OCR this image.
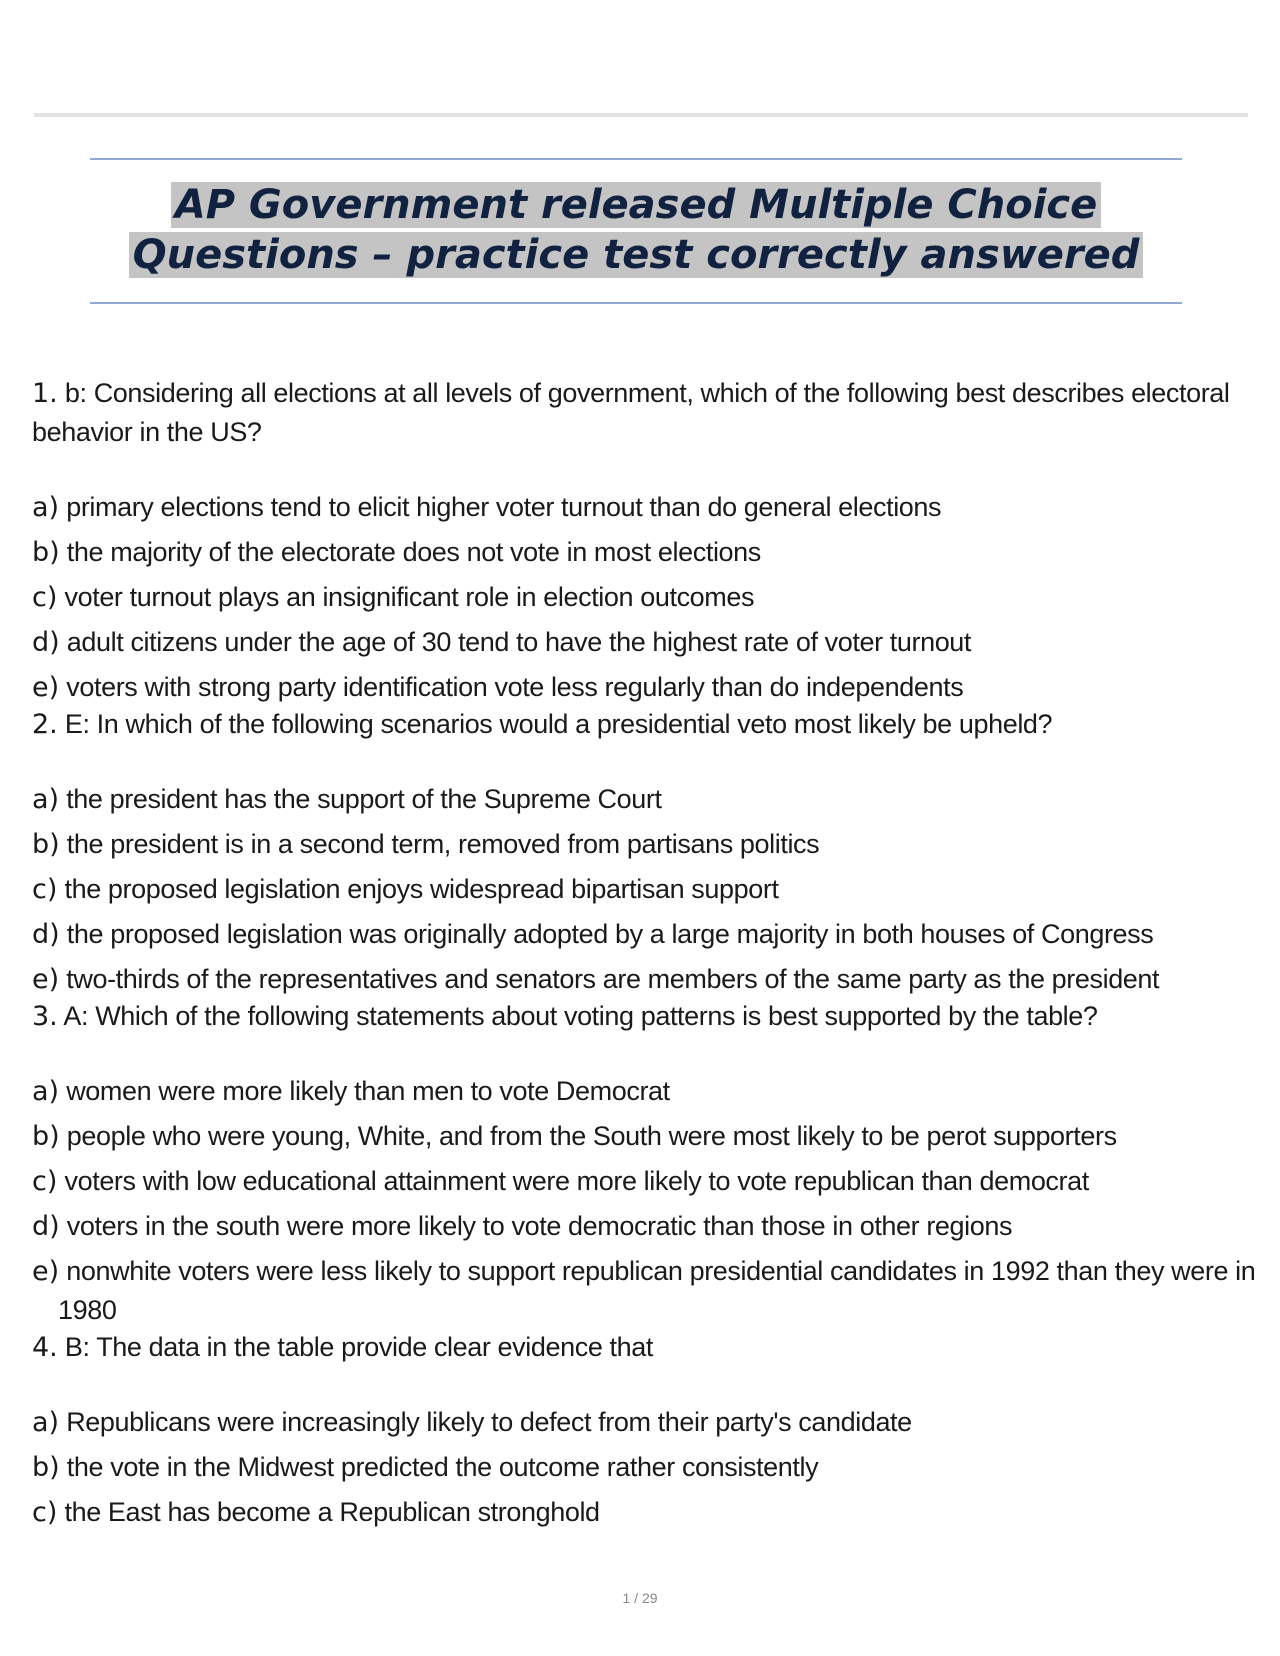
AP Government released Multiple Choice
Questions – practice test correctly answered

1. b: Considering all elections at all levels of government, which of the following best describes electoral behavior in the US?

a) primary elections tend to elicit higher voter turnout than do general elections
b) the majority of the electorate does not vote in most elections
c) voter turnout plays an insignificant role in election outcomes
d) adult citizens under the age of 30 tend to have the highest rate of voter turnout
e) voters with strong party identification vote less regularly than do independents

2. E: In which of the following scenarios would a presidential veto most likely be upheld?

a) the president has the support of the Supreme Court
b) the president is in a second term, removed from partisans politics
c) the proposed legislation enjoys widespread bipartisan support
d) the proposed legislation was originally adopted by a large majority in both houses of Congress
e) two-thirds of the representatives and senators are members of the same party as the president

3. A: Which of the following statements about voting patterns is best supported by the table?

a) women were more likely than men to vote Democrat
b) people who were young, White, and from the South were most likely to be perot supporters
c) voters with low educational attainment were more likely to vote republican than democrat
d) voters in the south were more likely to vote democratic than those in other regions
e) nonwhite voters were less likely to support republican presidential candidates in 1992 than they were in 1980

4. B: The data in the table provide clear evidence that

a) Republicans were increasingly likely to defect from their party's candidate
b) the vote in the Midwest predicted the outcome rather consistently
c) the East has become a Republican stronghold
1 / 29
